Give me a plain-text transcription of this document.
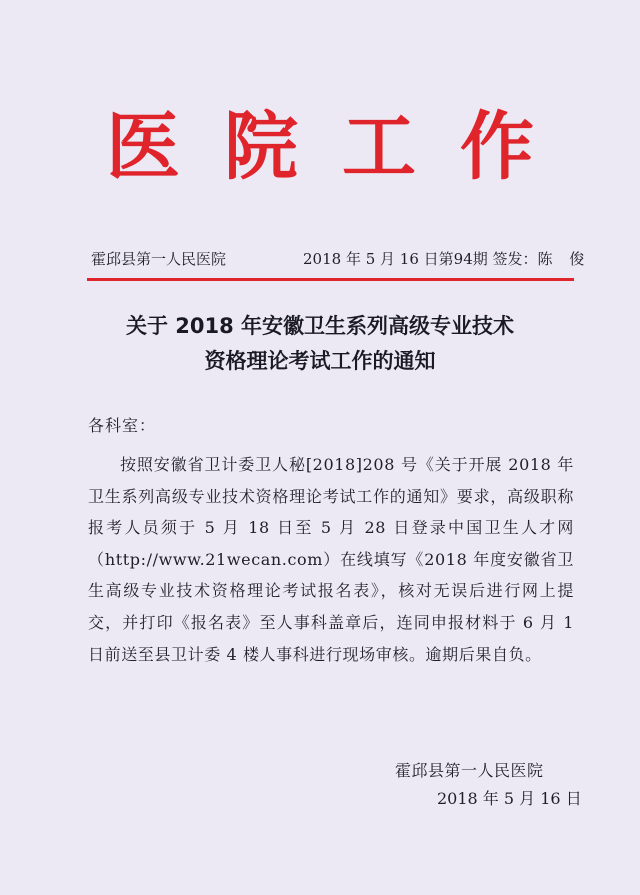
医院工作
霍邱县第一人民医院	2018 年 5 月 16 日第94期 签发：陈 俊
关于 2018 年安徽卫生系列高级专业技术
资格理论考试工作的通知
各科室：
按照安徽省卫计委卫人秘[2018]208 号《关于开展 2018 年卫生系列高级专业技术资格理论考试工作的通知》要求，高级职称报考人员须于 5 月 18 日至 5 月 28 日登录中国卫生人才网（http://www.21wecan.com）在线填写《2018 年度安徽省卫生高级专业技术资格理论考试报名表》，核对无误后进行网上提交，并打印《报名表》至人事科盖章后，连同申报材料于 6 月 1 日前送至县卫计委 4 楼人事科进行现场审核。逾期后果自负。
霍邱县第一人民医院
2018 年 5 月 16 日
